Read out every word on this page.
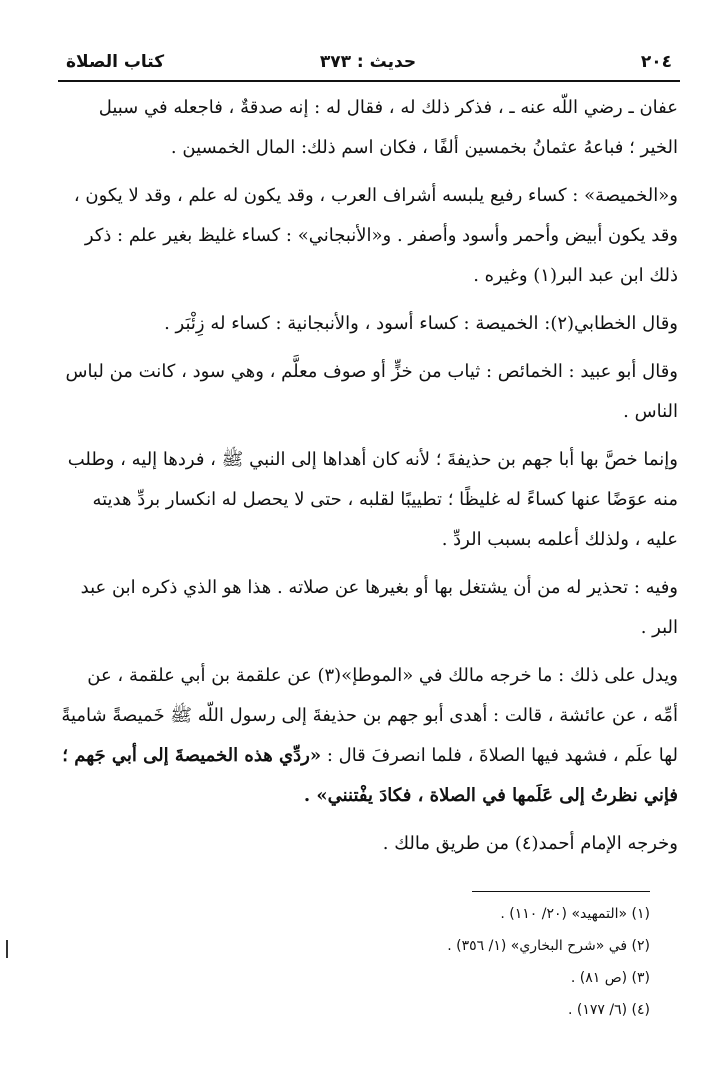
٢٠٤
حديث : ٣٧٣
كتاب الصلاة

عفان ـ رضي اللّه عنه ـ ، فذكر ذلك له ، فقال له : إنه صدقةٌ ، فاجعله في سبيل الخير ؛ فباعهُ عثمانُ بخمسين ألفًا ، فكان اسم ذلك: المال الخمسين .

و«الخميصة» : كساء رفيع يلبسه أشراف العرب ، وقد يكون له علم ، وقد لا يكون ، وقد يكون أبيض وأحمر وأسود وأصفر . و«الأنبجاني» : كساء غليظ بغير علم : ذكر ذلك ابن عبد البر(١) وغيره .

وقال الخطابي(٢): الخميصة : كساء أسود ، والأنبجانية : كساء له زِئْبَر .

وقال أبو عبيد : الخمائص : ثياب من خزٍّ أو صوف معلَّم ، وهي سود ، كانت من لباس الناس .

وإنما خصَّ بها أبا جهم بن حذيفةَ ؛ لأنه كان أهداها إلى النبي ﷺ ، فردها إليه ، وطلب منه عوَضًا عنها كساءً له غليظًا ؛ تطييبًا لقلبه ، حتى لا يحصل له انكسار بردِّ هديته عليه ، ولذلك أعلمه بسبب الردِّ .

وفيه : تحذير له من أن يشتغل بها أو بغيرها عن صلاته . هذا هو الذي ذكره ابن عبد البر .

ويدل على ذلك : ما خرجه مالك في «الموطإ»(٣) عن علقمة بن أبي علقمة ، عن أمِّه ، عن عائشة ، قالت : أهدى أبو جهم بن حذيفةَ إلى رسول اللّه ﷺ خَميصةً شاميةً لها علَم ، فشهد فيها الصلاةَ ، فلما انصرفَ قال : «ردِّي هذه الخميصةَ إلى أبي جَهم ؛ فإني نظرتُ إلى عَلَمها في الصلاة ، فكادَ يفْتنني» .

وخرجه الإمام أحمد(٤) من طريق مالك .

(١) «التمهيد» (٢٠/ ١١٠) .
(٢) في «شرح البخاري» (١/ ٣٥٦) .
(٣) (ص ٨١) .
(٤) (٦/ ١٧٧) .
